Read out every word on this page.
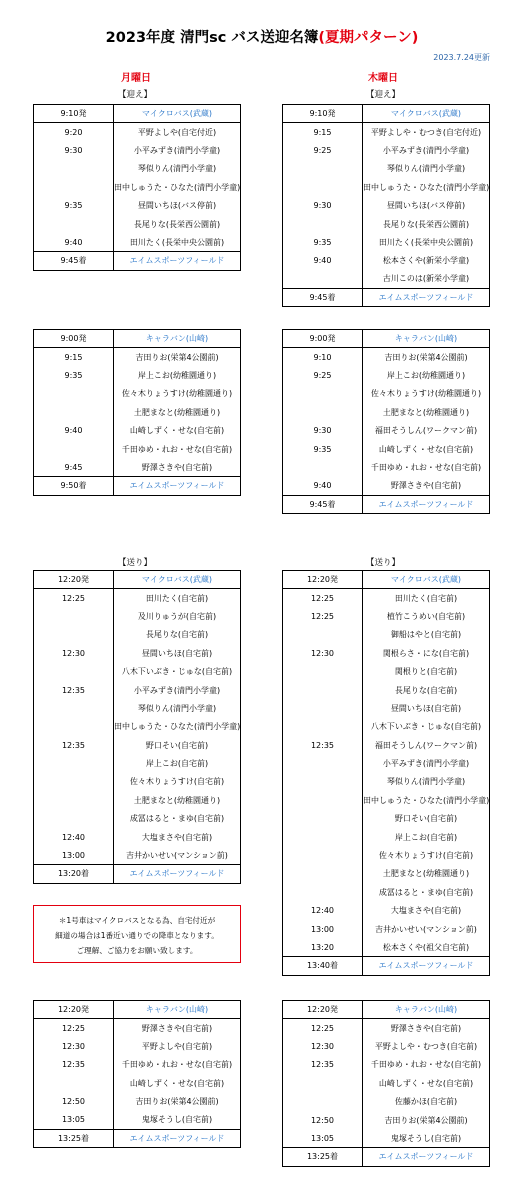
2023年度 清門sc バス送迎名簿(夏期パターン)
2023.7.24更新
月曜日	木曜日
【迎え】	【迎え】
【送り】	【送り】
9:10発	マイクロバス(武蔵)
9:20	平野よしや(自宅付近)
9:30	小平みずき(清門小学童)
	琴似りん(清門小学童)
	田中しゅうた・ひなた(清門小学童)
9:35	昼間いちほ(バス停前)
	長尾りな(長栄西公園前)
9:40	田川たく(長栄中央公園前)
9:45着	エイムスポーツフィールド
9:10発	マイクロバス(武蔵)
9:15	平野よしや・むつき(自宅付近)
9:25	小平みずき(清門小学童)
	琴似りん(清門小学童)
	田中しゅうた・ひなた(清門小学童)
9:30	昼間いちほ(バス停前)
	長尾りな(長栄西公園前)
9:35	田川たく(長栄中央公園前)
9:40	松本さくや(新栄小学童)
	古川このは(新栄小学童)
9:45着	エイムスポーツフィールド
9:00発	キャラバン(山崎)
9:15	吉田りお(栄第4公園前)
9:35	岸上こお(幼稚園通り)
	佐々木りょうすけ(幼稚園通り)
	土肥まなと(幼稚園通り)
9:40	山崎しずく・せな(自宅前)
	千田ゆめ・れお・せな(自宅前)
9:45	野澤さきや(自宅前)
9:50着	エイムスポーツフィールド
9:00発	キャラバン(山崎)
9:10	吉田りお(栄第4公園前)
9:25	岸上こお(幼稚園通り)
	佐々木りょうすけ(幼稚園通り)
	土肥まなと(幼稚園通り)
9:30	福田そうしん(ワークマン前)
9:35	山崎しずく・せな(自宅前)
	千田ゆめ・れお・せな(自宅前)
9:40	野澤さきや(自宅前)
9:45着	エイムスポーツフィールド
12:20発	マイクロバス(武蔵)
12:25	田川たく(自宅前)
	及川りゅうが(自宅前)
	長尾りな(自宅前)
12:30	昼間いちほ(自宅前)
	八木下いぶき・じゅな(自宅前)
12:35	小平みずき(清門小学童)
	琴似りん(清門小学童)
	田中しゅうた・ひなた(清門小学童)
12:35	野口そい(自宅前)
	岸上こお(自宅前)
	佐々木りょうすけ(自宅前)
	土肥まなと(幼稚園通り)
	成冨はると・まゆ(自宅前)
12:40	大塩まさや(自宅前)
13:00	吉井かいせい(マンション前)
13:20着	エイムスポーツフィールド
12:20発	マイクロバス(武蔵)
12:25	田川たく(自宅前)
12:25	植竹こうめい(自宅前)
	御船はやと(自宅前)
12:30	関根らさ・にな(自宅前)
	関根りと(自宅前)
	長尾りな(自宅前)
	昼間いちほ(自宅前)
	八木下いぶき・じゅな(自宅前)
12:35	福田そうしん(ワークマン前)
	小平みずき(清門小学童)
	琴似りん(清門小学童)
	田中しゅうた・ひなた(清門小学童)
	野口そい(自宅前)
	岸上こお(自宅前)
	佐々木りょうすけ(自宅前)
	土肥まなと(幼稚園通り)
	成冨はると・まゆ(自宅前)
12:40	大塩まさや(自宅前)
13:00	吉井かいせい(マンション前)
13:20	松本さくや(祖父自宅前)
13:40着	エイムスポーツフィールド
12:20発	キャラバン(山崎)
12:25	野澤さきや(自宅前)
12:30	平野よしや(自宅前)
12:35	千田ゆめ・れお・せな(自宅前)
	山崎しずく・せな(自宅前)
12:50	吉田りお(栄第4公園前)
13:05	鬼塚そうし(自宅前)
13:25着	エイムスポーツフィールド
12:20発	キャラバン(山崎)
12:25	野澤さきや(自宅前)
12:30	平野よしや・むつき(自宅前)
12:35	千田ゆめ・れお・せな(自宅前)
	山崎しずく・せな(自宅前)
	佐藤かほ(自宅前)
12:50	吉田りお(栄第4公園前)
13:05	鬼塚そうし(自宅前)
13:25着	エイムスポーツフィールド
＊1号車はマイクロバスとなる為、自宅付近が
細道の場合は1番近い通りでの降車となります。
ご理解、ご協力をお願い致します。
